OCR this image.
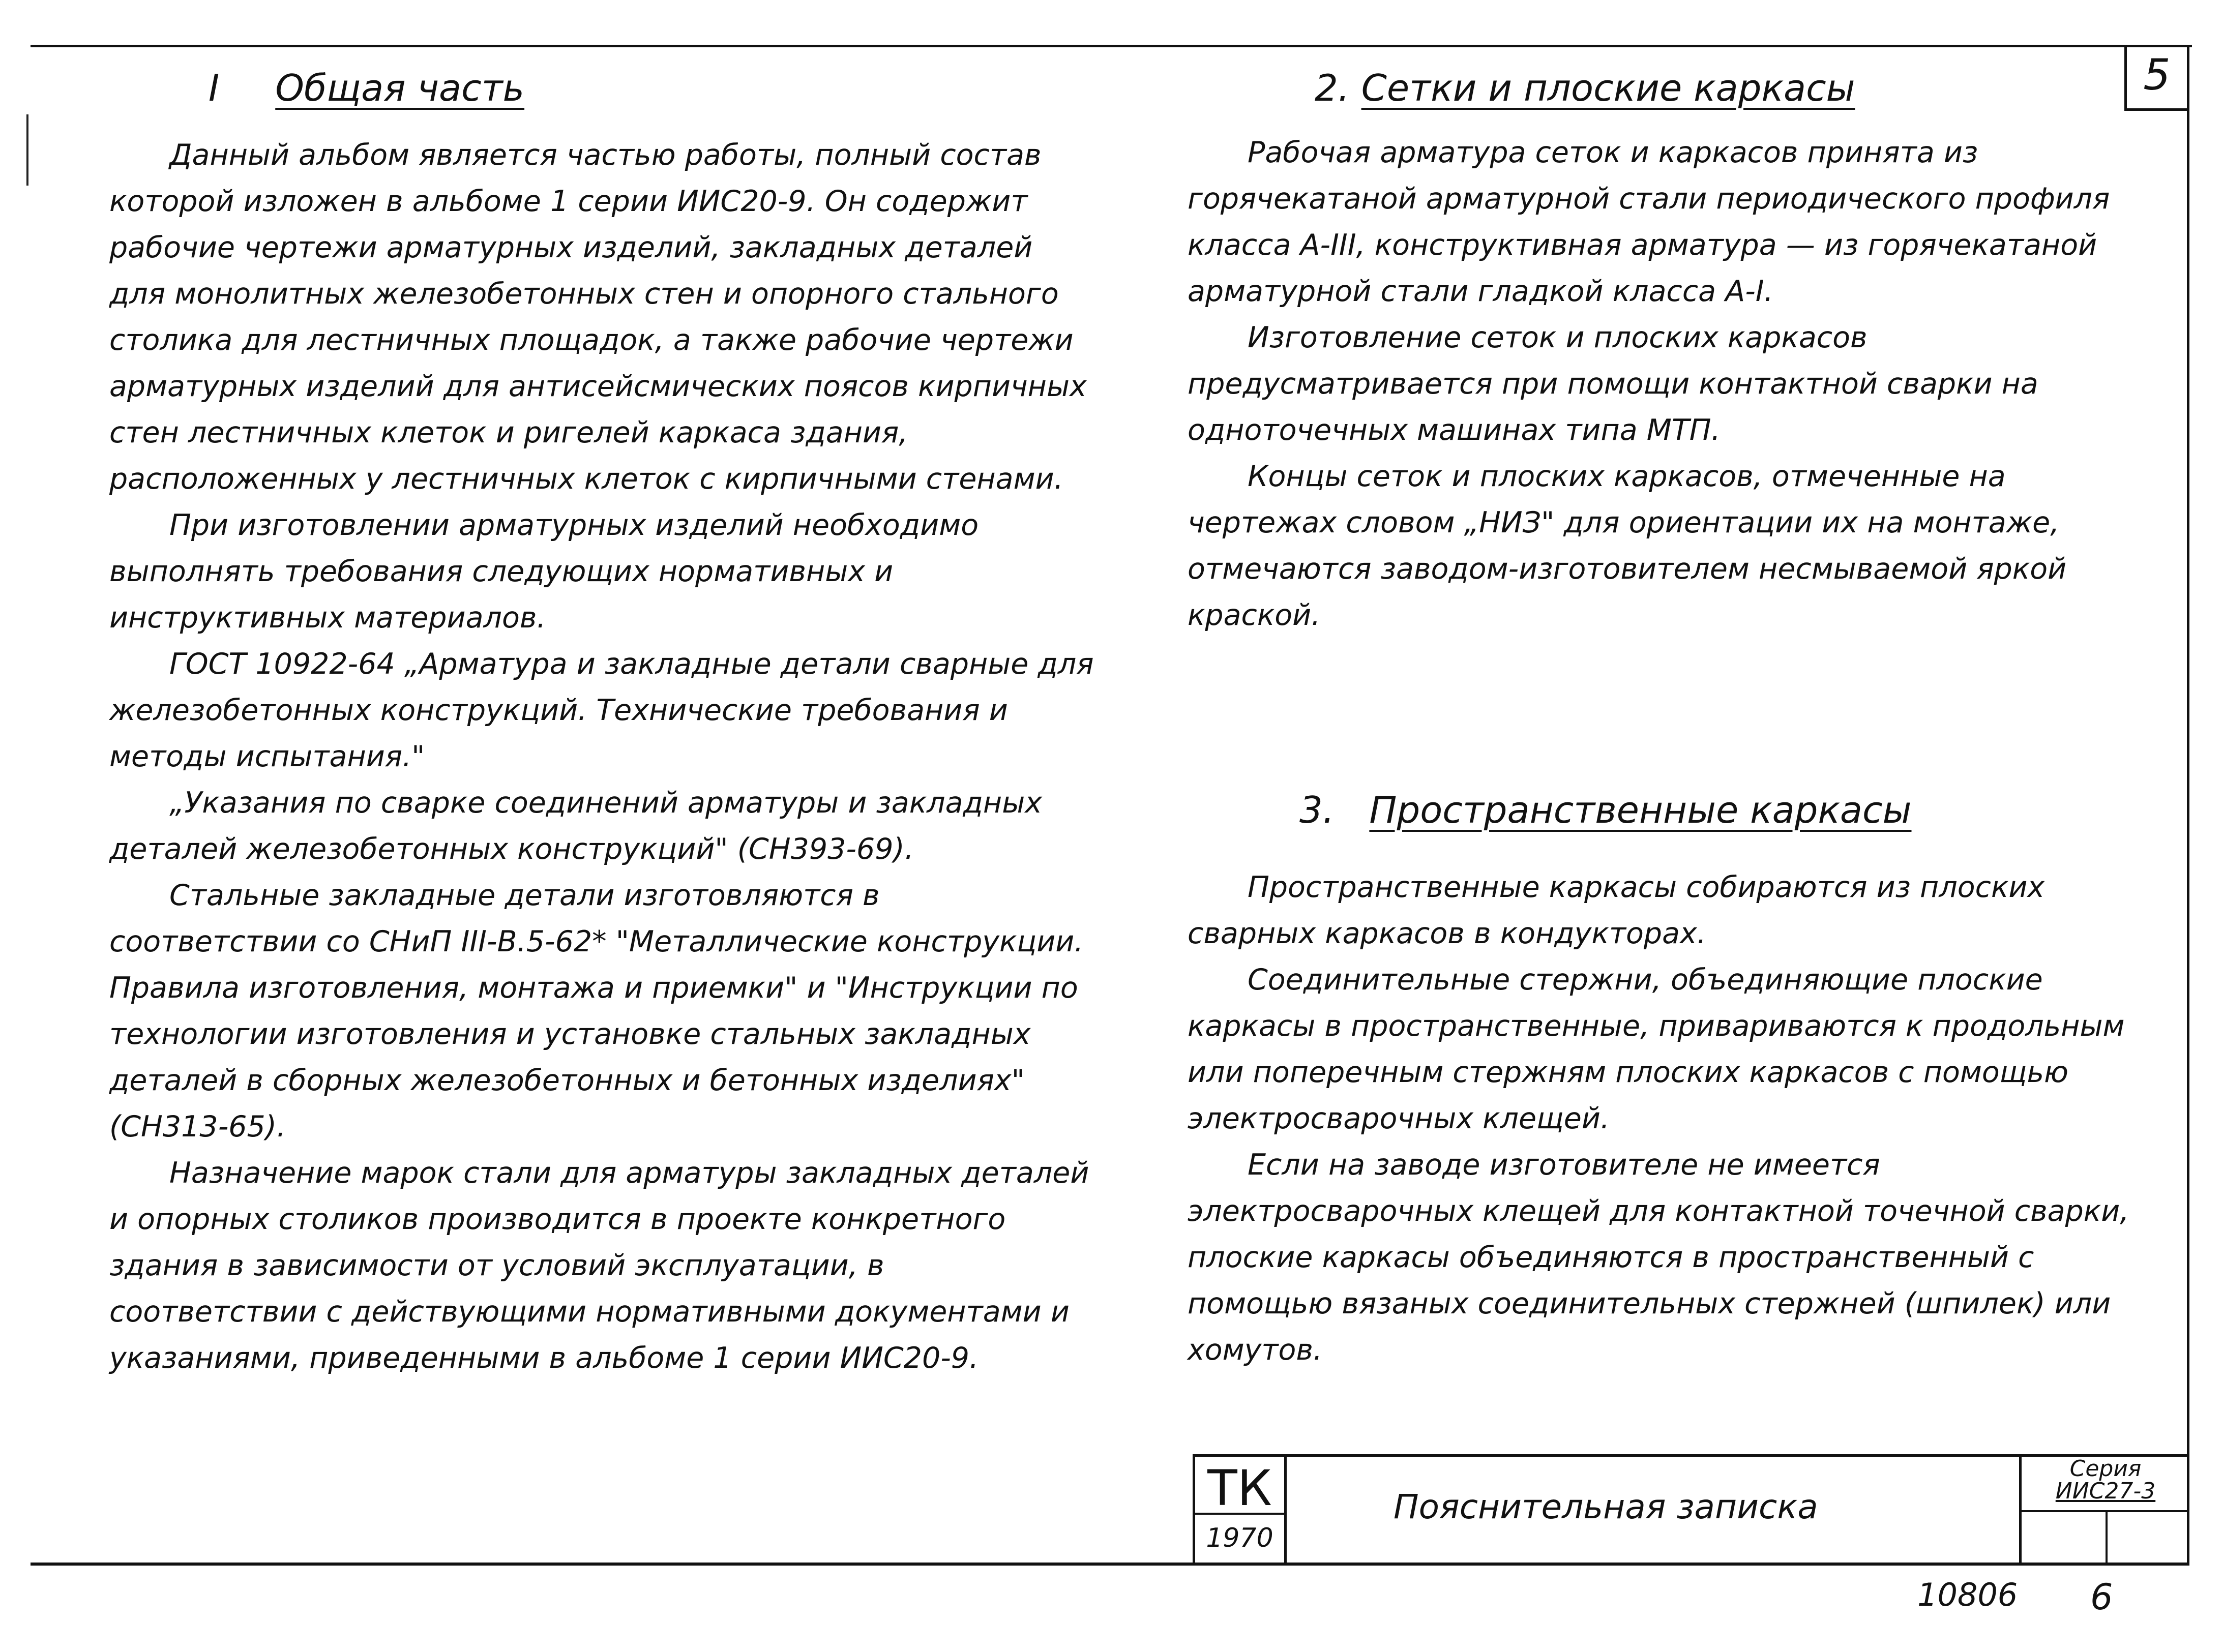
5
I Общая часть

Данный альбом является частью работы, полный состав которой изложен в альбоме 1 серии ИИС20-9. Он содержит рабочие чертежи арматурных изделий, закладных деталей для монолитных железобетонных стен и опорного стального столика для лестничных площадок, а также рабочие чертежи арматурных изделий для антисейсмических поясов кирпичных стен лестничных клеток и ригелей каркаса здания, расположенных у лестничных клеток с кирпичными стенами.

При изготовлении арматурных изделий необходимо выполнять требования следующих нормативных и инструктивных материалов.

ГОСТ 10922-64 „Арматура и закладные детали сварные для железобетонных конструкций. Технические требования и методы испытания."

„Указания по сварке соединений арматуры и закладных деталей железобетонных конструкций" (СН393-69).

Стальные закладные детали изготовляются в соответствии со СНиП III-В.5-62* "Металлические конструкции. Правила изготовления, монтажа и приемки" и "Инструкции по технологии изготовления и установке стальных закладных деталей в сборных железобетонных и бетонных изделиях" (СН313-65).

Назначение марок стали для арматуры закладных деталей и опорных столиков производится в проекте конкретного здания в зависимости от условий эксплуатации, в соответствии с действующими нормативными документами и указаниями, приведенными в альбоме 1 серии ИИС20-9.

2. Сетки и плоские каркасы

Рабочая арматура сеток и каркасов принята из горячекатаной арматурной стали периодического профиля класса А-III, конструктивная арматура — из горячекатаной арматурной стали гладкой класса А-I.

Изготовление сеток и плоских каркасов предусматривается при помощи контактной сварки на одноточечных машинах типа МТП.

Концы сеток и плоских каркасов, отмеченные на чертежах словом „НИЗ" для ориентации их на монтаже, отмечаются заводом-изготовителем несмываемой яркой краской.

3. Пространственные каркасы

Пространственные каркасы собираются из плоских сварных каркасов в кондукторах.

Соединительные стержни, объединяющие плоские каркасы в пространственные, привариваются к продольным или поперечным стержням плоских каркасов с помощью электросварочных клещей.

Если на заводе изготовителе не имеется электросварочных клещей для контактной точечной сварки, плоские каркасы объединяются в пространственный с помощью вязаных соединительных стержней (шпилек) или хомутов.

ТК
1970
Пояснительная записка
Серия
ИИС27-3
10806 6
